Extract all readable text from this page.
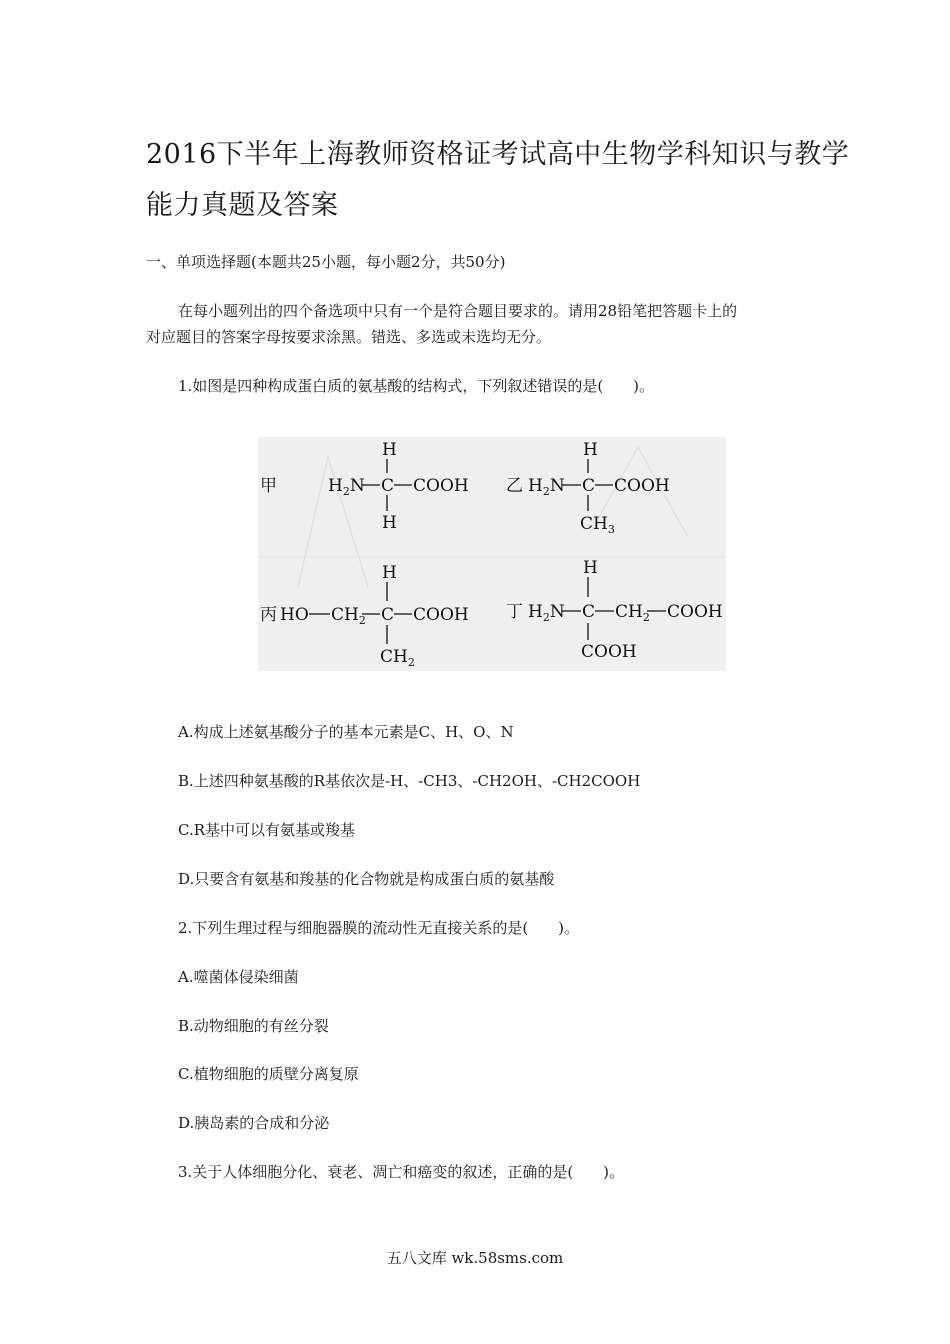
2016下半年上海教师资格证考试高中生物学科知识与教学
能力真题及答案
一、单项选择题(本题共25小题，每小题2分，共50分)
在每小题列出的四个备选项中只有一个是符合题目要求的。请用28铅笔把答题卡上的
对应题目的答案字母按要求涂黑。错选、多选或未选均无分。
1.如图是四种构成蛋白质的氨基酸的结构式，下列叙述错误的是(　　)。
甲
H
$H_2N$ C COOH
H
乙
H
$H_2N$ C COOH
$CH_3$
丙
H
HO $CH_2$ C COOH
$CH_2$
丁
H
$H_2N$ C $CH_2$ COOH
COOH
A.构成上述氨基酸分子的基本元素是C、H、O、N
B.上述四种氨基酸的R基依次是-H、-CH3、-CH2OH、-CH2COOH
C.R基中可以有氨基或羧基
D.只要含有氨基和羧基的化合物就是构成蛋白质的氨基酸
2.下列生理过程与细胞器膜的流动性无直接关系的是(　　)。
A.噬菌体侵染细菌
B.动物细胞的有丝分裂
C.植物细胞的质壁分离复原
D.胰岛素的合成和分泌
3.关于人体细胞分化、衰老、凋亡和癌变的叙述，正确的是(　　)。
五八文库 wk.58sms.com
